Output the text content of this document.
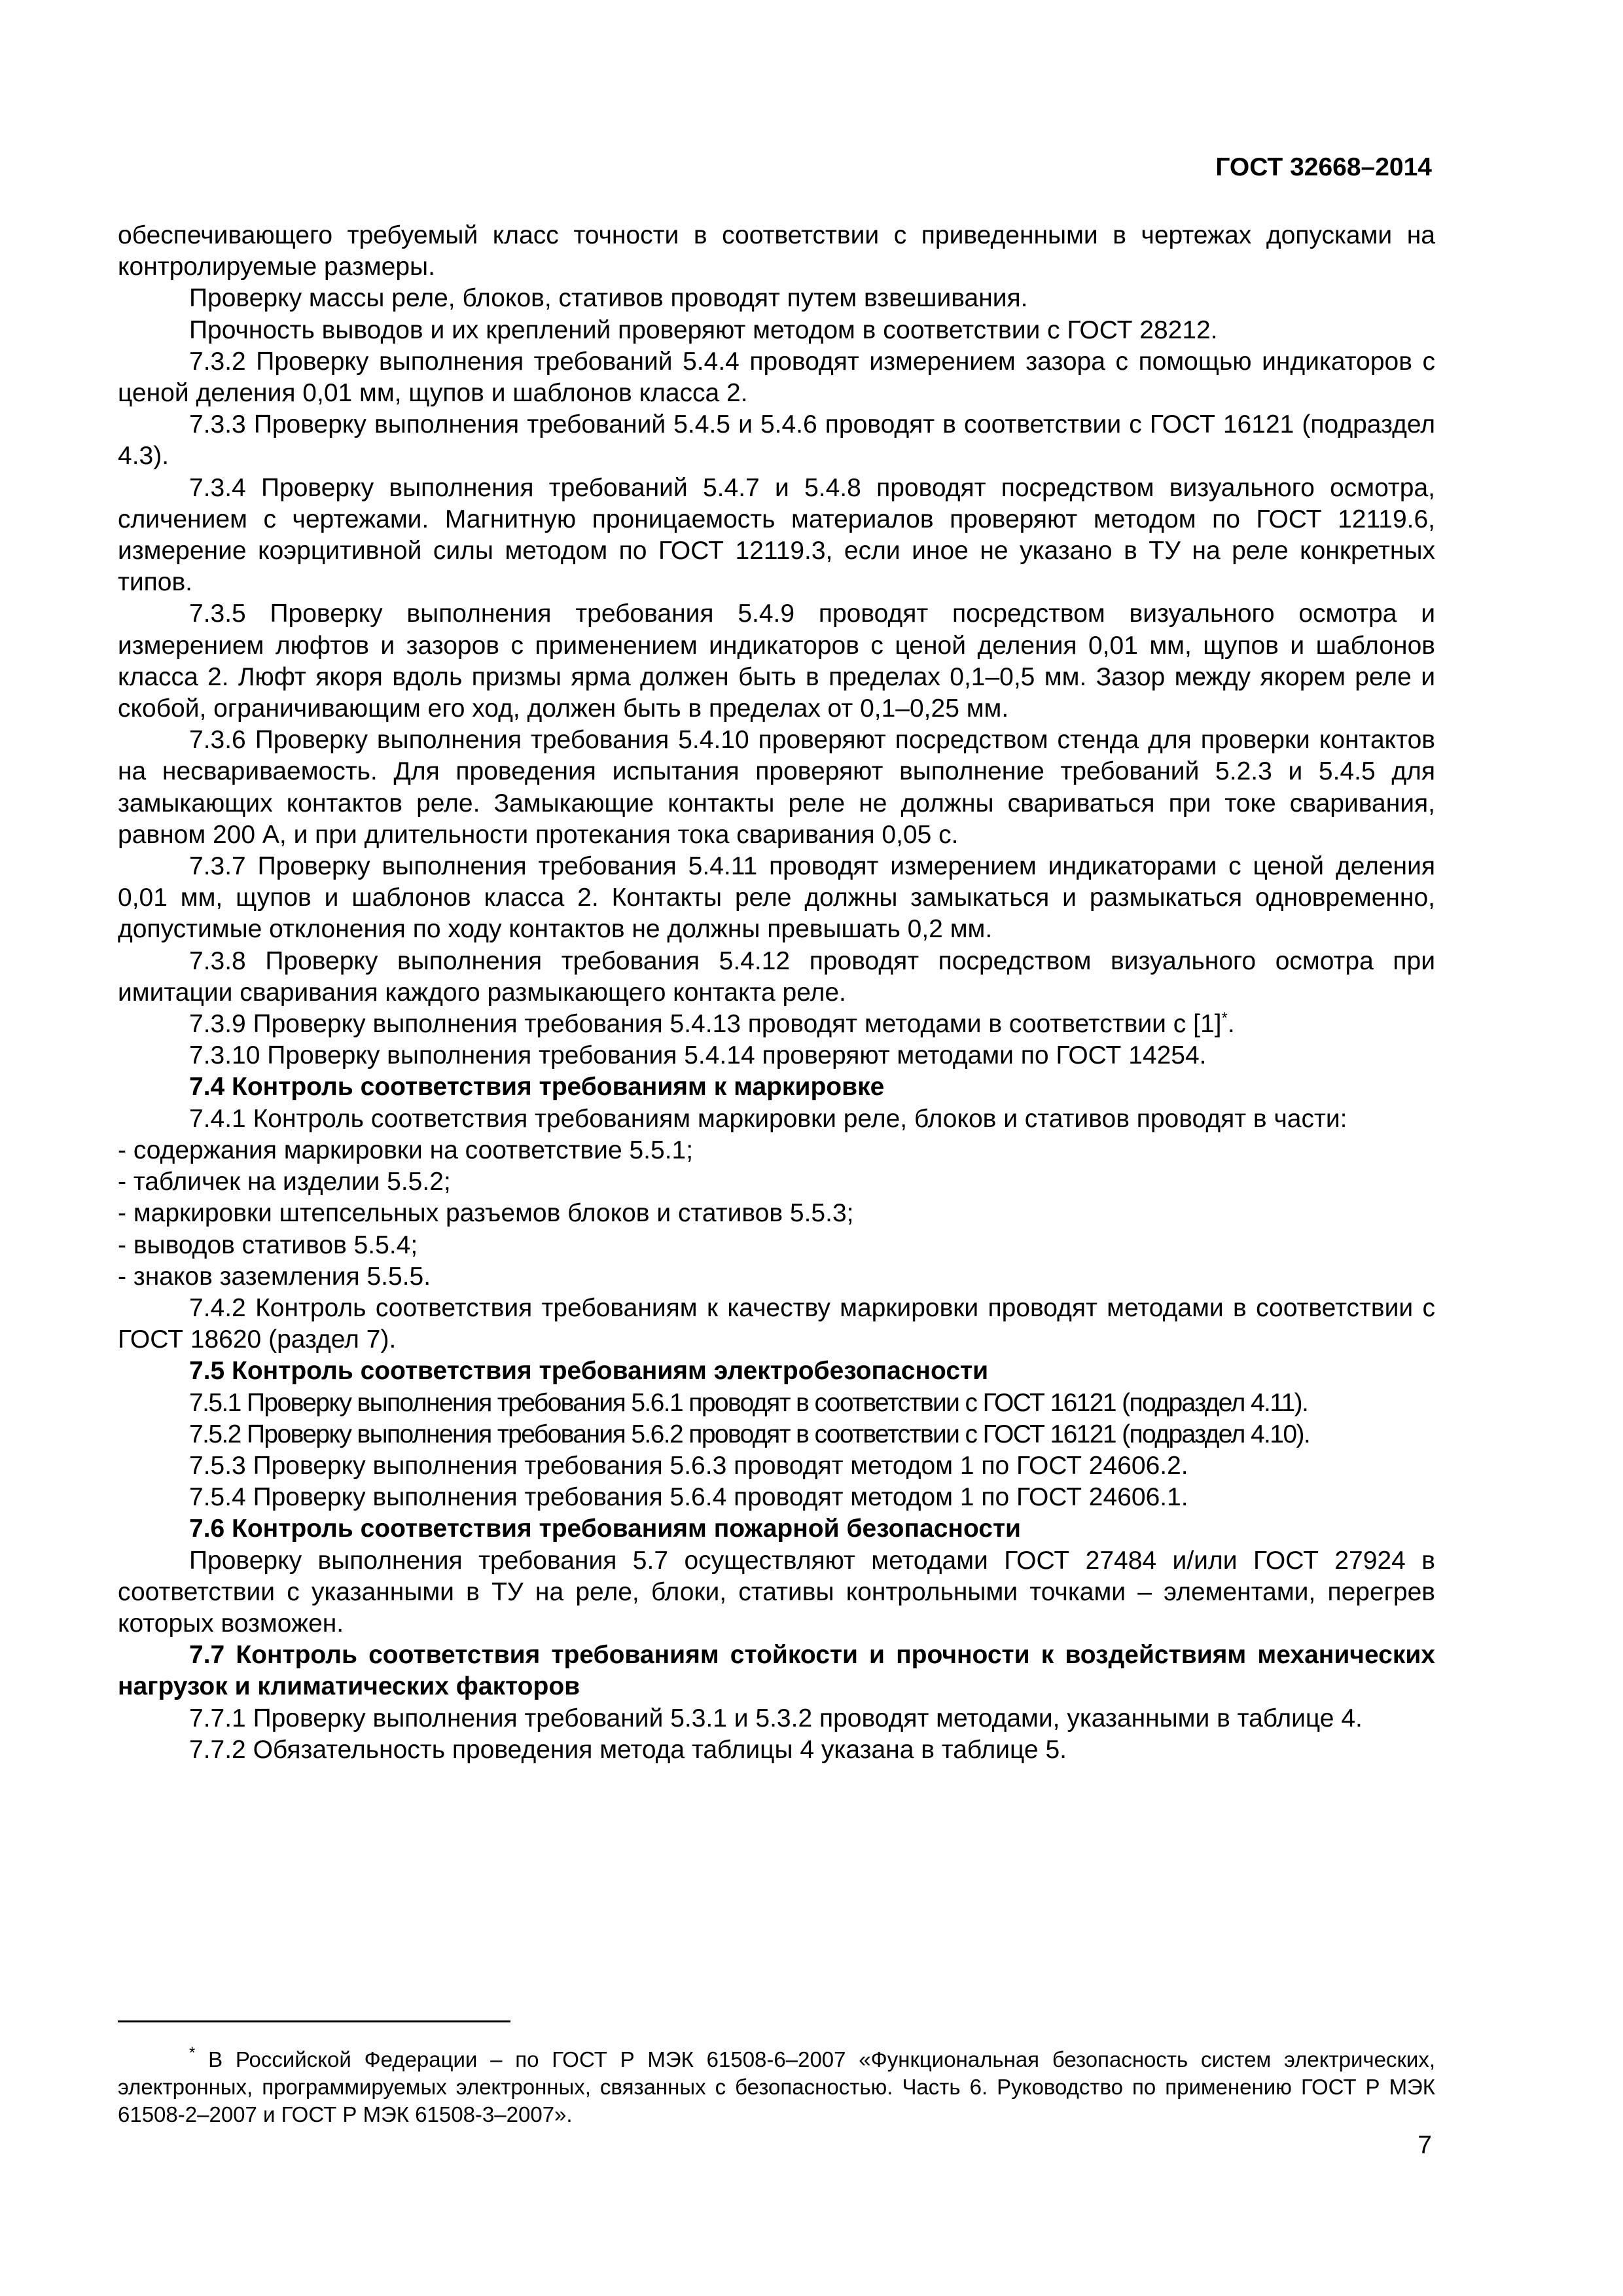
ГОСТ 32668–2014

обеспечивающего требуемый класс точности в соответствии с приведенными в чертежах допусками на контролируемые размеры.

Проверку массы реле, блоков, стативов проводят путем взвешивания.

Прочность выводов и их креплений проверяют методом в соответствии с ГОСТ 28212.

7.3.2 Проверку выполнения требований 5.4.4 проводят измерением зазора с помощью индикаторов с ценой деления 0,01 мм, щупов и шаблонов класса 2.

7.3.3 Проверку выполнения требований 5.4.5 и 5.4.6 проводят в соответствии с ГОСТ 16121 (подраздел 4.3).

7.3.4 Проверку выполнения требований 5.4.7 и 5.4.8 проводят посредством визуального осмотра, сличением с чертежами. Магнитную проницаемость материалов проверяют методом по ГОСТ 12119.6, измерение коэрцитивной силы методом по ГОСТ 12119.3, если иное не указано в ТУ на реле конкретных типов.

7.3.5 Проверку выполнения требования 5.4.9 проводят посредством визуального осмотра и измерением люфтов и зазоров с применением индикаторов с ценой деления 0,01 мм, щупов и шаблонов класса 2. Люфт якоря вдоль призмы ярма должен быть в пределах 0,1–0,5 мм. Зазор между якорем реле и скобой, ограничивающим его ход, должен быть в пределах от 0,1–0,25 мм.

7.3.6 Проверку выполнения требования 5.4.10 проверяют посредством стенда для проверки контактов на несвариваемость. Для проведения испытания проверяют выполнение требований 5.2.3 и 5.4.5 для замыкающих контактов реле. Замыкающие контакты реле не должны свариваться при токе сваривания, равном 200 А, и при длительности протекания тока сваривания 0,05 с.

7.3.7 Проверку выполнения требования 5.4.11 проводят измерением индикаторами с ценой деления 0,01 мм, щупов и шаблонов класса 2. Контакты реле должны замыкаться и размыкаться одновременно, допустимые отклонения по ходу контактов не должны превышать 0,2 мм.

7.3.8 Проверку выполнения требования 5.4.12 проводят посредством визуального осмотра при имитации сваривания каждого размыкающего контакта реле.

7.3.9 Проверку выполнения требования 5.4.13 проводят методами в соответствии с [1]*.

7.3.10 Проверку выполнения требования 5.4.14 проверяют методами по ГОСТ 14254.

7.4 Контроль соответствия требованиям к маркировке

7.4.1 Контроль соответствия требованиям маркировки реле, блоков и стативов проводят в части:

- содержания маркировки на соответствие 5.5.1;

- табличек на изделии 5.5.2;

- маркировки штепсельных разъемов блоков и стативов 5.5.3;

- выводов стативов 5.5.4;

- знаков заземления 5.5.5.

7.4.2 Контроль соответствия требованиям к качеству маркировки проводят методами в соответствии с ГОСТ 18620 (раздел 7).

7.5 Контроль соответствия требованиям электробезопасности

7.5.1 Проверку выполнения требования 5.6.1 проводят в соответствии с ГОСТ 16121 (подраздел 4.11).

7.5.2 Проверку выполнения требования 5.6.2 проводят в соответствии с ГОСТ 16121 (подраздел 4.10).

7.5.3 Проверку выполнения требования 5.6.3 проводят методом 1 по ГОСТ 24606.2.

7.5.4 Проверку выполнения требования 5.6.4 проводят методом 1 по ГОСТ 24606.1.

7.6 Контроль соответствия требованиям пожарной безопасности

Проверку выполнения требования 5.7 осуществляют методами ГОСТ 27484 и/или ГОСТ 27924 в соответствии с указанными в ТУ на реле, блоки, стативы контрольными точками – элементами, перегрев которых возможен.

7.7 Контроль соответствия требованиям стойкости и прочности к воздействиям механических нагрузок и климатических факторов

7.7.1 Проверку выполнения требований 5.3.1 и 5.3.2 проводят методами, указанными в таблице 4.

7.7.2 Обязательность проведения метода таблицы 4 указана в таблице 5.

* В Российской Федерации – по ГОСТ Р МЭК 61508-6–2007 «Функциональная безопасность систем электрических, электронных, программируемых электронных, связанных с безопасностью. Часть 6. Руководство по применению ГОСТ Р МЭК 61508-2–2007 и ГОСТ Р МЭК 61508-3–2007».

7
